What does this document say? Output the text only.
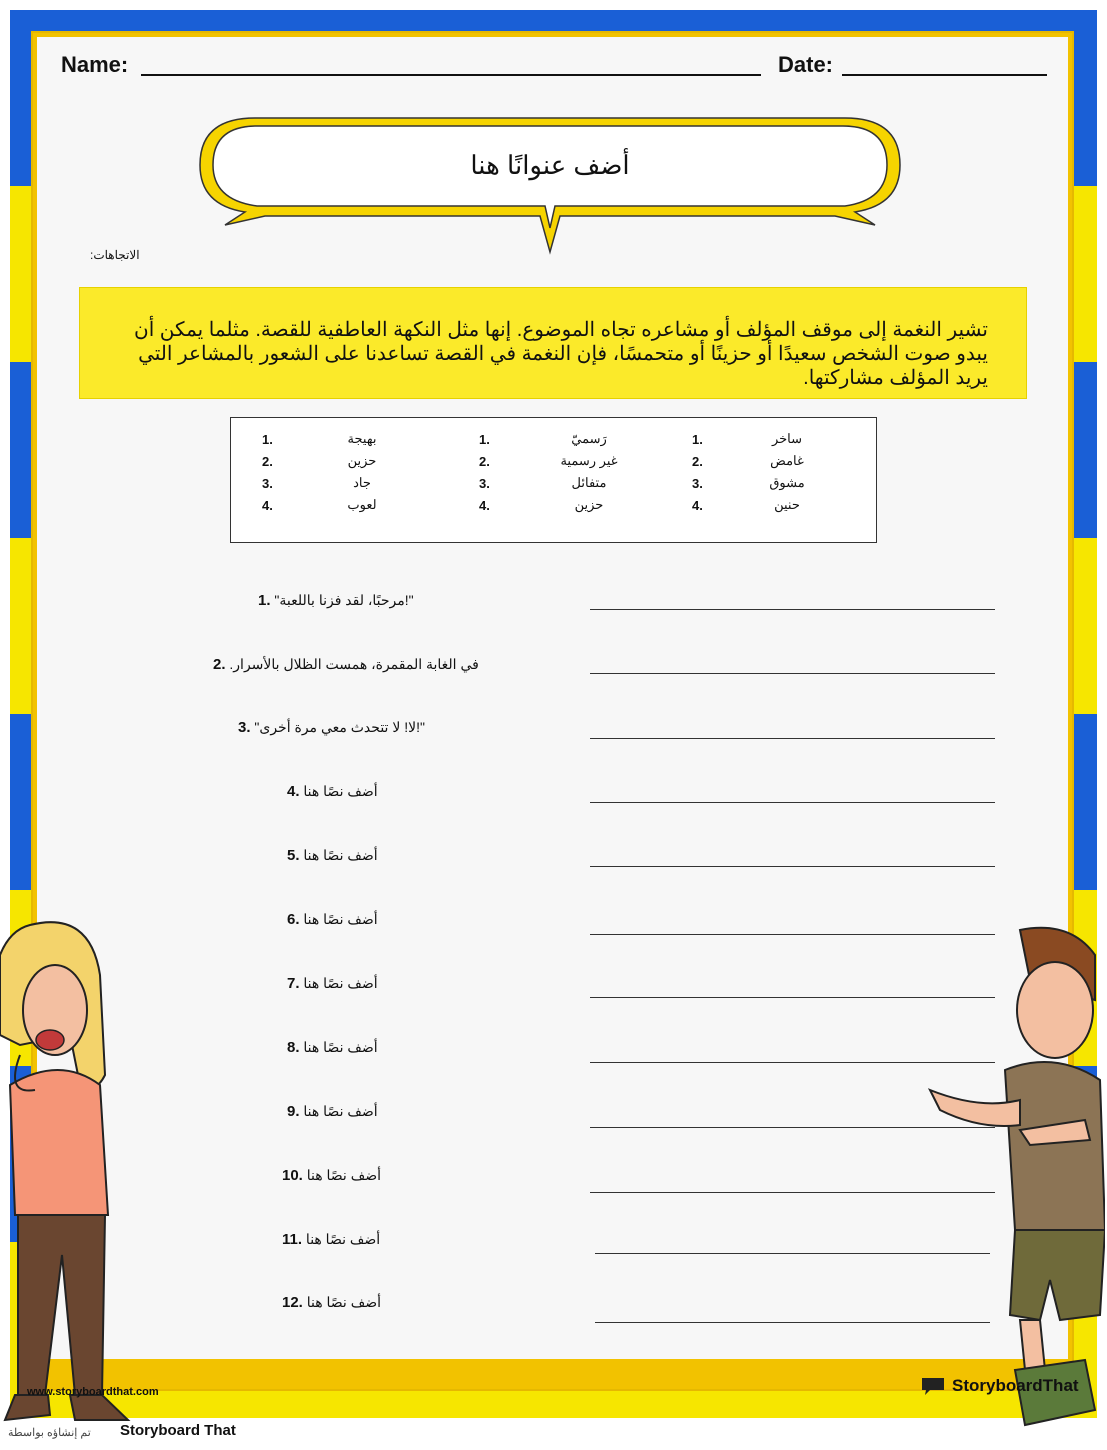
Name:	Date:
أضف عنوانًا هنا
الاتجاهات:
تشير النغمة إلى موقف المؤلف أو مشاعره تجاه الموضوع. إنها مثل النكهة العاطفية للقصة. مثلما يمكن أن يبدو صوت الشخص سعيدًا أو حزينًا أو متحمسًا، فإن النغمة في القصة تساعدنا على الشعور بالمشاعر التي يريد المؤلف مشاركتها.
1.	بهيجة
2.	حزين
3.	جاد
4.	لعوب
1.	رَسميّ
2.	غير رسمية
3.	متفائل
4.	حزين
1.	ساخر
2.	غامض
3.	مشوق
4.	حنين
1. "!مرحبًا، لقد فزنا باللعبة"
2. في الغابة المقمرة، همست الظلال بالأسرار.
3. "!لا! لا تتحدث معي مرة أخرى"
4. أضف نصًا هنا
5. أضف نصًا هنا
6. أضف نصًا هنا
7. أضف نصًا هنا
8. أضف نصًا هنا
9. أضف نصًا هنا
10. أضف نصًا هنا
11. أضف نصًا هنا
12. أضف نصًا هنا
www.storyboardthat.com	StoryboardThat
تم إنشاؤه بواسطة Storyboard That
